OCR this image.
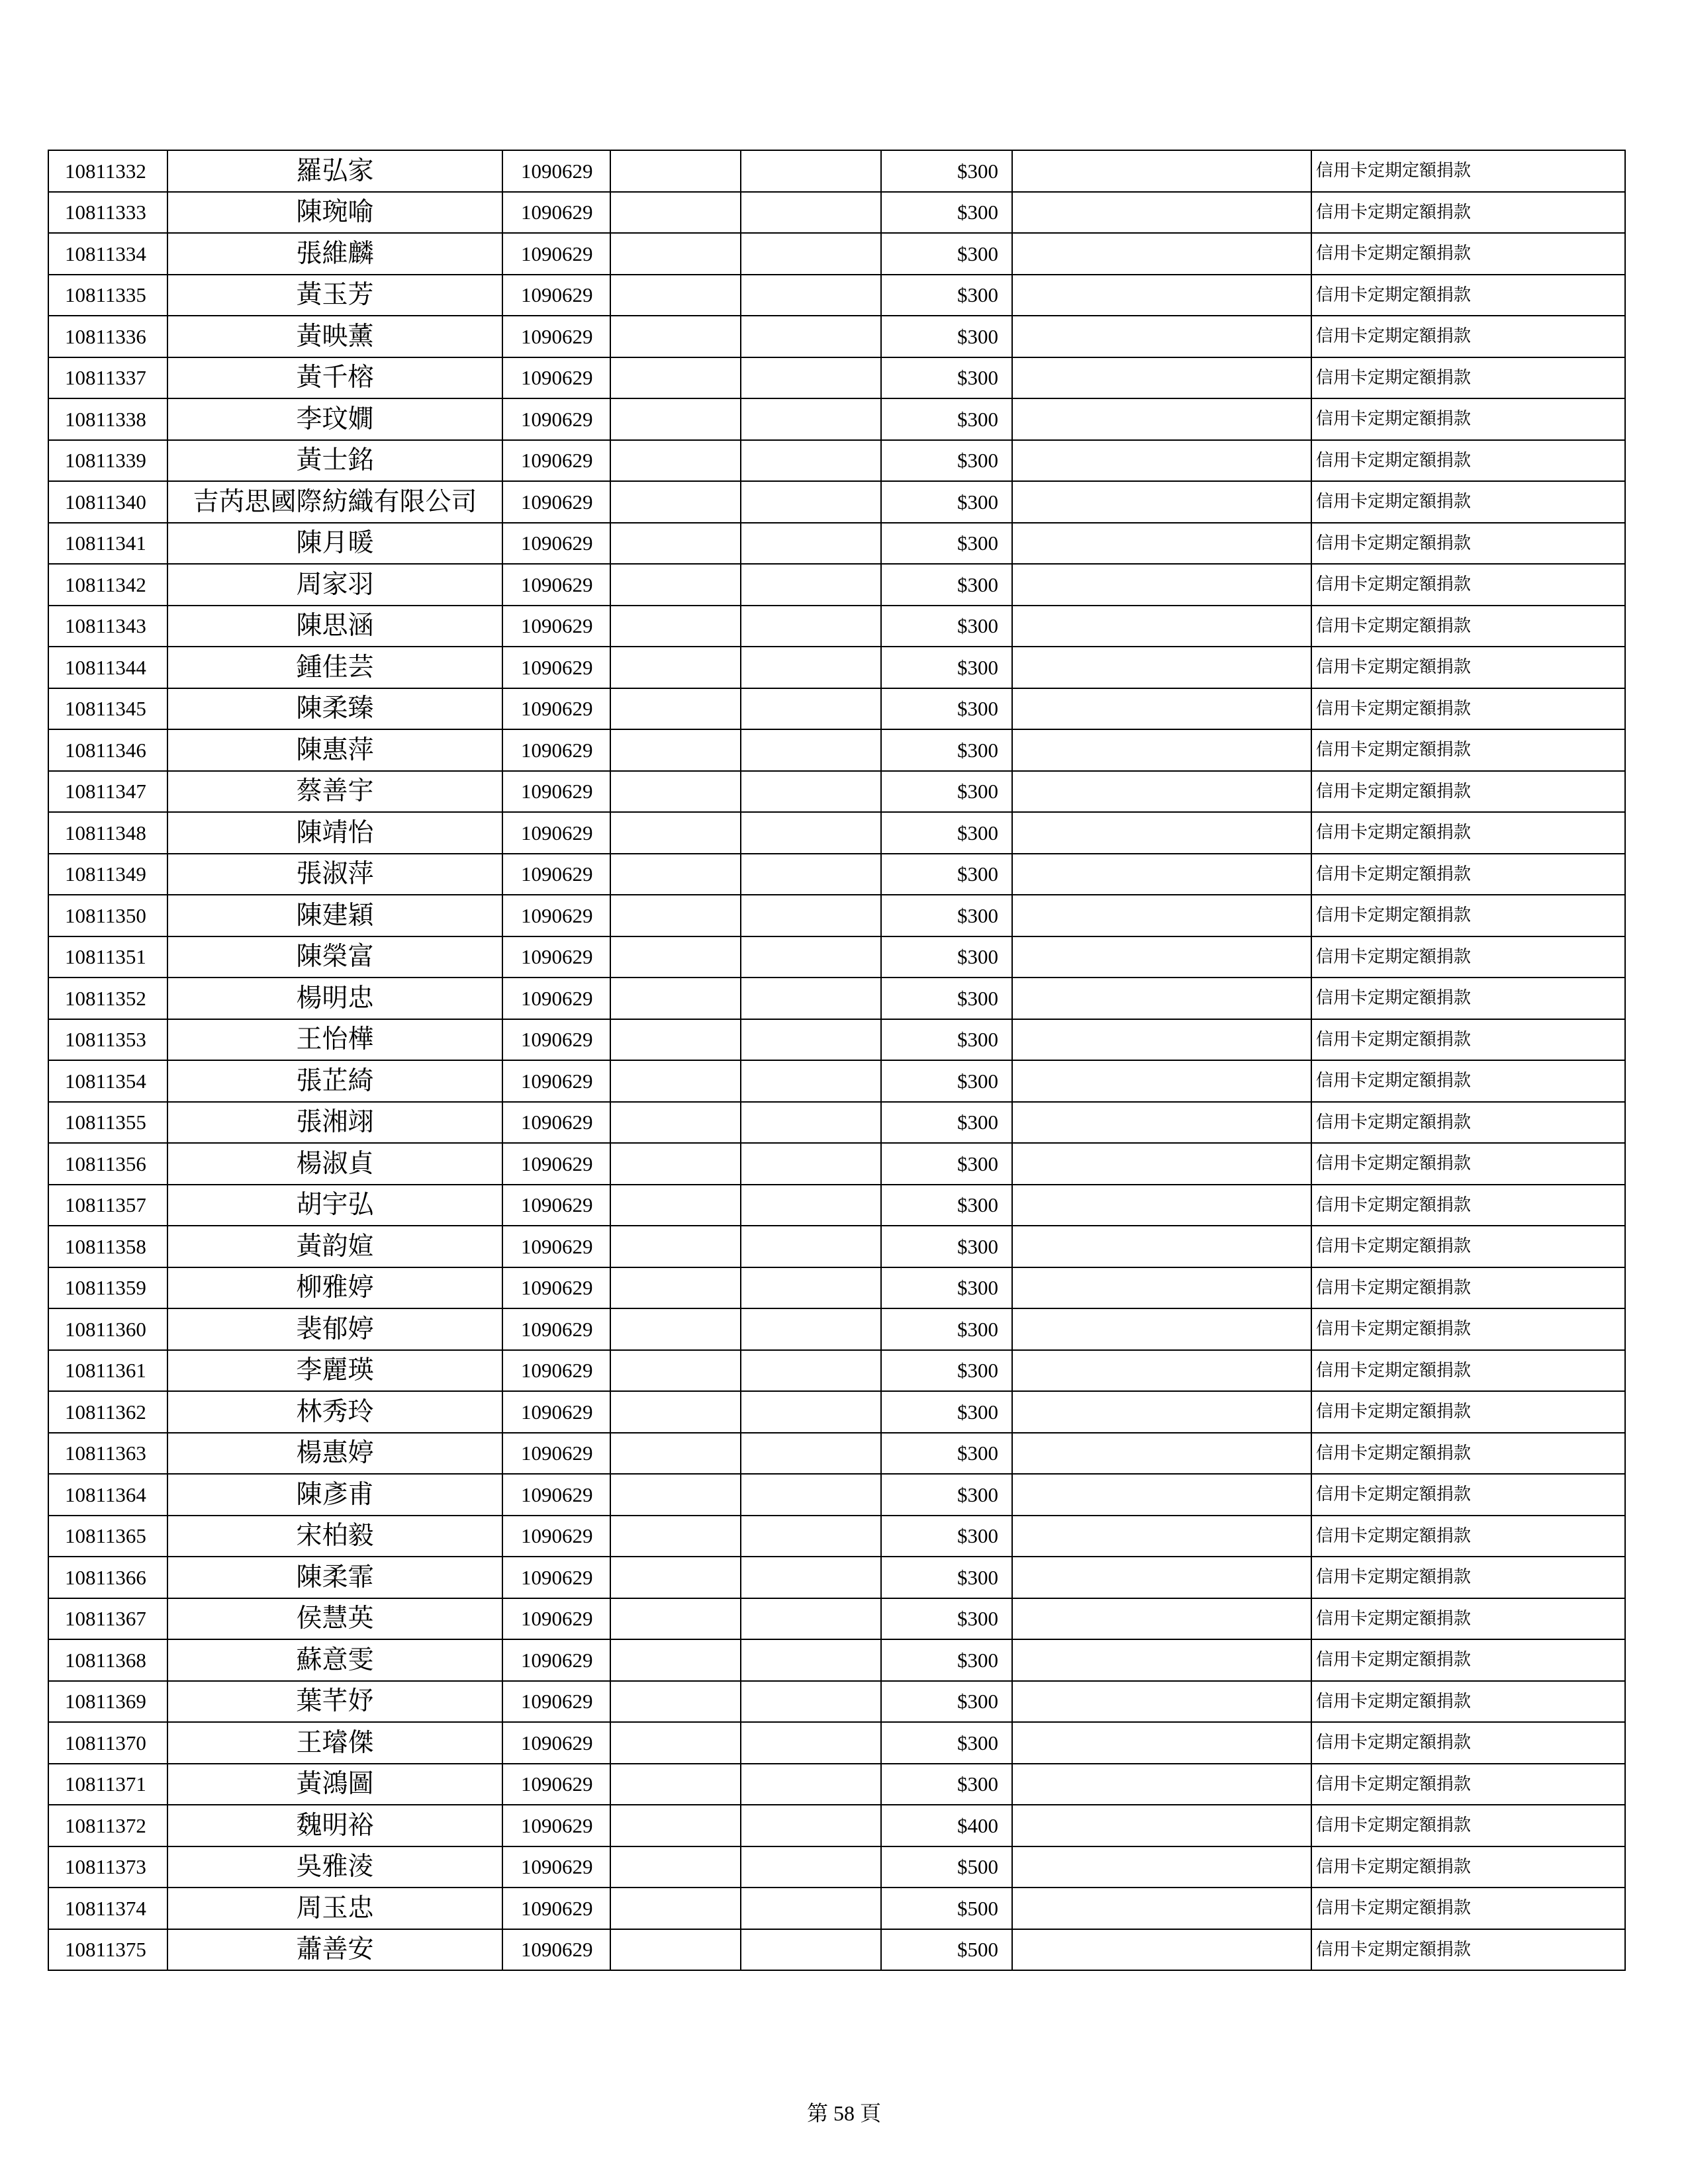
10811332	羅弘家	1090629			$300		信用卡定期定額捐款
10811333	陳琬喻	1090629			$300		信用卡定期定額捐款
10811334	張維麟	1090629			$300		信用卡定期定額捐款
10811335	黃玉芳	1090629			$300		信用卡定期定額捐款
10811336	黃映薰	1090629			$300		信用卡定期定額捐款
10811337	黃千榕	1090629			$300		信用卡定期定額捐款
10811338	李玟嫺	1090629			$300		信用卡定期定額捐款
10811339	黃士銘	1090629			$300		信用卡定期定額捐款
10811340	吉芮思國際紡織有限公司	1090629			$300		信用卡定期定額捐款
10811341	陳月暖	1090629			$300		信用卡定期定額捐款
10811342	周家羽	1090629			$300		信用卡定期定額捐款
10811343	陳思涵	1090629			$300		信用卡定期定額捐款
10811344	鍾佳芸	1090629			$300		信用卡定期定額捐款
10811345	陳柔臻	1090629			$300		信用卡定期定額捐款
10811346	陳惠萍	1090629			$300		信用卡定期定額捐款
10811347	蔡善宇	1090629			$300		信用卡定期定額捐款
10811348	陳靖怡	1090629			$300		信用卡定期定額捐款
10811349	張淑萍	1090629			$300		信用卡定期定額捐款
10811350	陳建穎	1090629			$300		信用卡定期定額捐款
10811351	陳榮富	1090629			$300		信用卡定期定額捐款
10811352	楊明忠	1090629			$300		信用卡定期定額捐款
10811353	王怡樺	1090629			$300		信用卡定期定額捐款
10811354	張芷綺	1090629			$300		信用卡定期定額捐款
10811355	張湘翊	1090629			$300		信用卡定期定額捐款
10811356	楊淑貞	1090629			$300		信用卡定期定額捐款
10811357	胡宇弘	1090629			$300		信用卡定期定額捐款
10811358	黃韵媗	1090629			$300		信用卡定期定額捐款
10811359	柳雅婷	1090629			$300		信用卡定期定額捐款
10811360	裴郁婷	1090629			$300		信用卡定期定額捐款
10811361	李麗瑛	1090629			$300		信用卡定期定額捐款
10811362	林秀玲	1090629			$300		信用卡定期定額捐款
10811363	楊惠婷	1090629			$300		信用卡定期定額捐款
10811364	陳彥甫	1090629			$300		信用卡定期定額捐款
10811365	宋柏毅	1090629			$300		信用卡定期定額捐款
10811366	陳柔霏	1090629			$300		信用卡定期定額捐款
10811367	侯慧英	1090629			$300		信用卡定期定額捐款
10811368	蘇意雯	1090629			$300		信用卡定期定額捐款
10811369	葉芊妤	1090629			$300		信用卡定期定額捐款
10811370	王璿傑	1090629			$300		信用卡定期定額捐款
10811371	黃鴻圖	1090629			$300		信用卡定期定額捐款
10811372	魏明裕	1090629			$400		信用卡定期定額捐款
10811373	吳雅淩	1090629			$500		信用卡定期定額捐款
10811374	周玉忠	1090629			$500		信用卡定期定額捐款
10811375	蕭善安	1090629			$500		信用卡定期定額捐款
第 58 頁
